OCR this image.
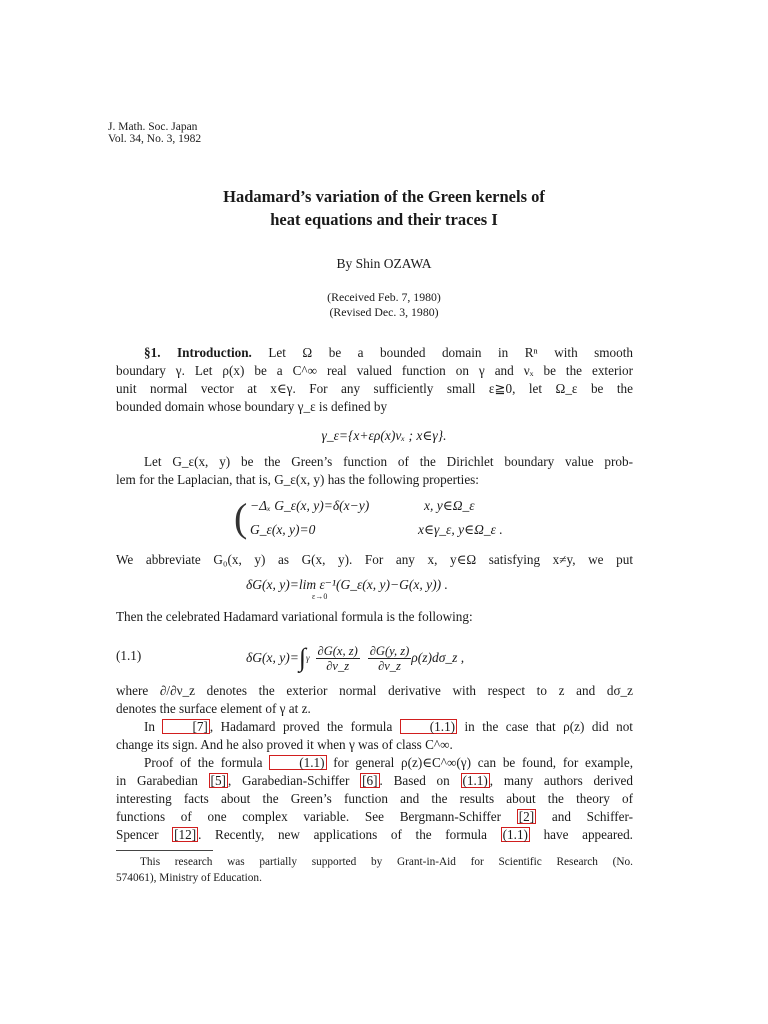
J. Math. Soc. Japan
Vol. 34, No. 3, 1982
Hadamard’s variation of the Green kernels of
heat equations and their traces I
By Shin OZAWA
(Received Feb. 7, 1980)
(Revised Dec. 3, 1980)
§1. Introduction. Let Ω be a bounded domain in Rⁿ with smooth
boundary γ. Let ρ(x) be a C^∞ real valued function on γ and νₓ be the exterior
unit normal vector at x∈γ. For any sufficiently small ε≧0, let Ω_ε be the
bounded domain whose boundary γ_ε is defined by
γ_ε={x+ερ(x)νₓ ; x∈γ}.
Let G_ε(x, y) be the Green’s function of the Dirichlet boundary value prob-
lem for the Laplacian, that is, G_ε(x, y) has the following properties:
( −Δₓ G_ε(x, y)=δ(x−y)	x, y∈Ω_ε
G_ε(x, y)=0	x∈γ_ε, y∈Ω_ε .
We abbreviate G₀(x, y) as G(x, y). For any x, y∈Ω satisfying x≠y, we put
δG(x, y)=lim ε⁻¹(G_ε(x, y)−G(x, y)) .
ε→0
Then the celebrated Hadamard variational formula is the following:
(1.1)	δG(x, y)= ∫ γ $\frac{\partial G(x, z)}{\partial\nu\_z} \frac{\partial G(y, z)}{\partial\nu\_z}$ ρ(z)dσ_z ,
where ∂/∂ν_z denotes the exterior normal derivative with respect to z and dσ_z
denotes the surface element of γ at z.
In [7] , Hadamard proved the formula (1.1) in the case that ρ(z) did not
change its sign. And he also proved it when γ was of class C^∞.
Proof of the formula (1.1) for general ρ(z)∈C^∞(γ) can be found, for example,
in Garabedian [5] , Garabedian-Schiffer [6] . Based on (1.1) , many authors derived
interesting facts about the Green’s function and the results about the theory of
functions of one complex variable. See Bergmann-Schiffer [2] and Schiffer-
Spencer [12] . Recently, new applications of the formula (1.1) have appeared.
This research was partially supported by Grant-in-Aid for Scientific Research (No.
574061), Ministry of Education.
